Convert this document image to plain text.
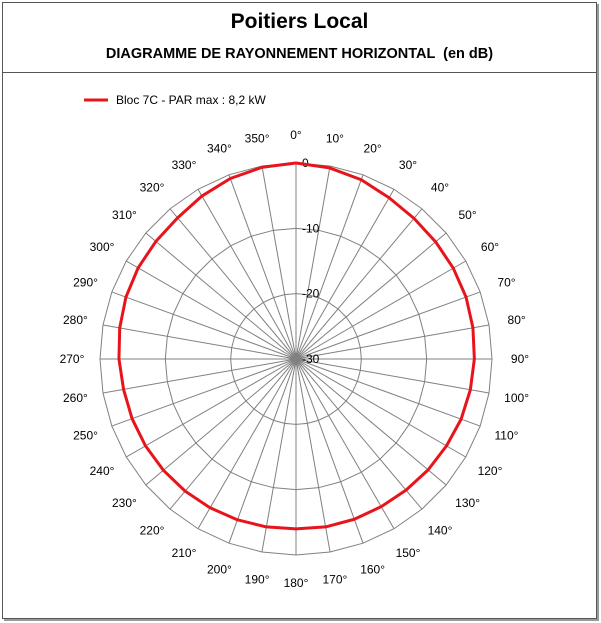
Poitiers Local
DIAGRAMME DE RAYONNEMENT HORIZONTAL  (en dB)
0
-10
-20
-30
0° 10°
20°
30°
40°
50°
60°
70°
80°
90°
100°
110°
120°
130°
140°
150°
160°
170°
180°
190°
200°
210°
220°
230°
240°
250°
260°
270°
280°
290°
300°
310°
320°
330°
340°
350°
Bloc 7C - PAR max : 8,2 kW
